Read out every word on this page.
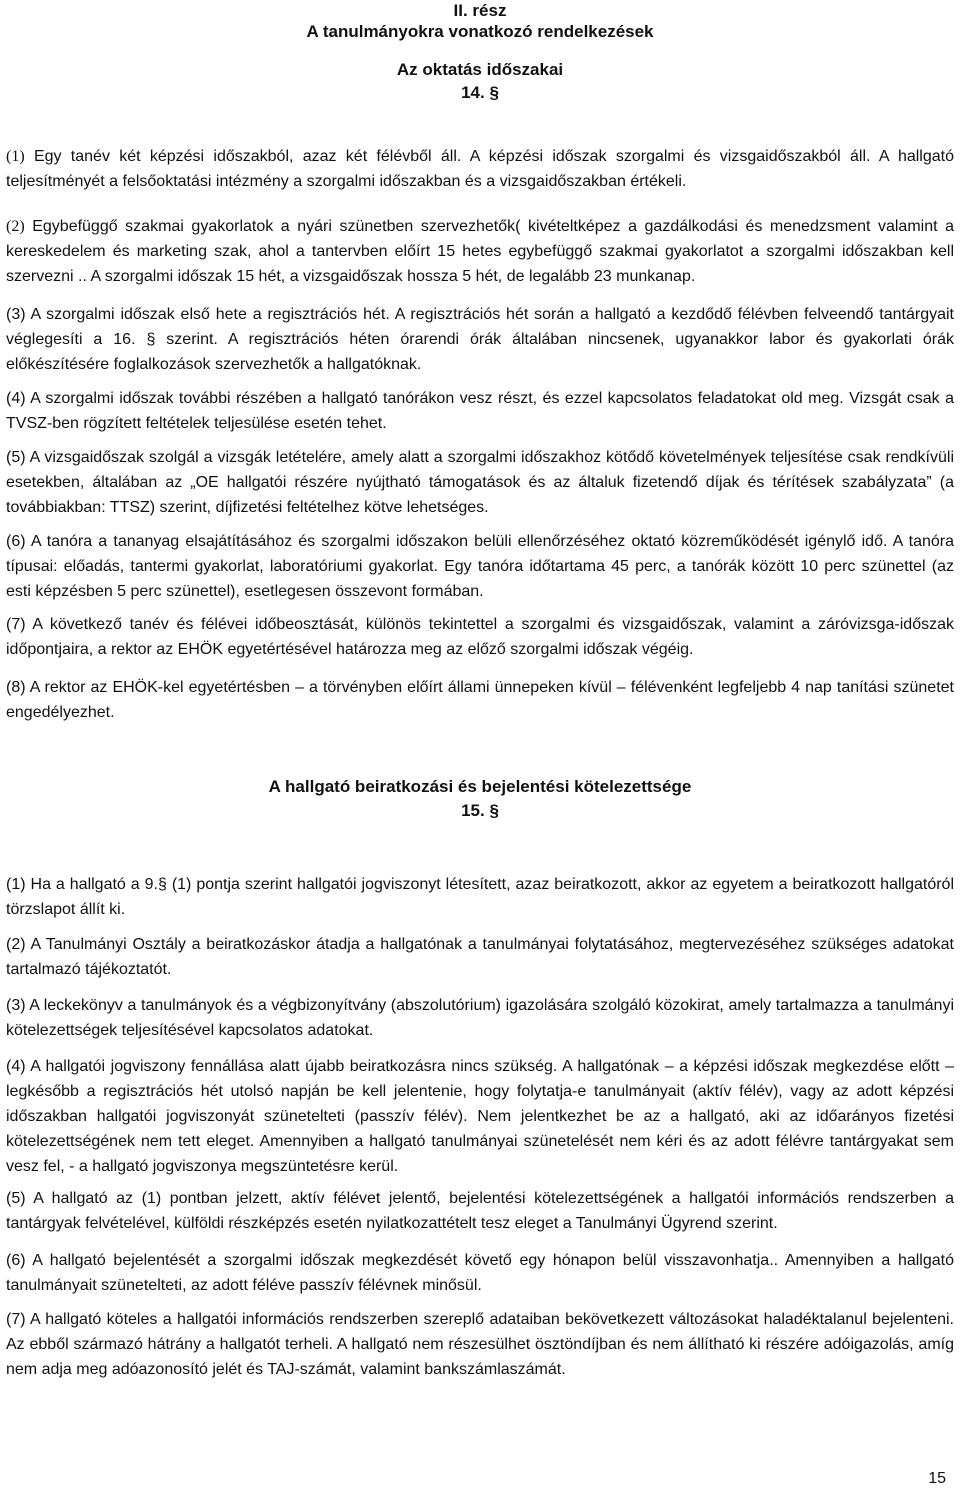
II. rész
A tanulmányokra vonatkozó rendelkezések
Az oktatás időszakai
14. §
(1) Egy tanév két képzési időszakból, azaz két félévből áll. A képzési időszak szorgalmi és vizsgaidőszakból áll. A hallgató teljesítményét a felsőoktatási intézmény a szorgalmi időszakban és a vizsgaidőszakban értékeli.
(2) Egybefüggő szakmai gyakorlatok a nyári szünetben szervezhetők( kivételtképez a gazdálkodási és menedzsment valamint a kereskedelem és marketing szak, ahol a tantervben előírt 15 hetes egybefüggő szakmai gyakorlatot a szorgalmi időszakban kell szervezni .. A szorgalmi időszak 15 hét, a vizsgaidőszak hossza 5 hét, de legalább 23 munkanap.
(3) A szorgalmi időszak első hete a regisztrációs hét. A regisztrációs hét során a hallgató a kezdődő félévben felveendő tantárgyait véglegesíti a 16. § szerint. A regisztrációs héten órarendi órák általában nincsenek, ugyanakkor labor és gyakorlati órák előkészítésére foglalkozások szervezhetők a hallgatóknak.
(4) A szorgalmi időszak további részében a hallgató tanórákon vesz részt, és ezzel kapcsolatos feladatokat old meg. Vizsgát csak a TVSZ-ben rögzített feltételek teljesülése esetén tehet.
(5) A vizsgaidőszak szolgál a vizsgák letételére, amely alatt a szorgalmi időszakhoz kötődő követelmények teljesítése csak rendkívüli esetekben, általában az „OE hallgatói részére nyújtható támogatások és az általuk fizetendő díjak és térítések szabályzata” (a továbbiakban: TTSZ) szerint, díjfizetési feltételhez kötve lehetséges.
(6) A tanóra a tananyag elsajátításához és szorgalmi időszakon belüli ellenőrzéséhez oktató közreműködését igénylő idő. A tanóra típusai: előadás, tantermi gyakorlat, laboratóriumi gyakorlat. Egy tanóra időtartama 45 perc, a tanórák között 10 perc szünettel (az esti képzésben 5 perc szünettel), esetlegesen összevont formában.
(7) A következő tanév és félévei időbeosztását, különös tekintettel a szorgalmi és vizsgaidőszak, valamint a záróvizsga-időszak időpontjaira, a rektor az EHÖK egyetértésével határozza meg az előző szorgalmi időszak végéig.
(8) A rektor az EHÖK-kel egyetértésben – a törvényben előírt állami ünnepeken kívül – félévenként legfeljebb 4 nap tanítási szünetet engedélyezhet.
A hallgató beiratkozási és bejelentési kötelezettsége
15. §
(1) Ha a hallgató a 9.§ (1) pontja szerint hallgatói jogviszonyt létesített, azaz beiratkozott, akkor az egyetem a beiratkozott hallgatóról törzslapot állít ki.
(2) A Tanulmányi Osztály a beiratkozáskor átadja a hallgatónak a tanulmányai folytatásához, megtervezéséhez szükséges adatokat tartalmazó tájékoztatót.
(3) A leckekönyv a tanulmányok és a végbizonyítvány (abszolutórium) igazolására szolgáló közokirat, amely tartalmazza a tanulmányi kötelezettségek teljesítésével kapcsolatos adatokat.
(4) A hallgatói jogviszony fennállása alatt újabb beiratkozásra nincs szükség. A hallgatónak – a képzési időszak megkezdése előtt – legkésőbb a regisztrációs hét utolsó napján be kell jelentenie, hogy folytatja-e tanulmányait (aktív félév), vagy az adott képzési időszakban hallgatói jogviszonyát szünetelteti (passzív félév). Nem jelentkezhet be az a hallgató, aki az időarányos fizetési kötelezettségének nem tett eleget. Amennyiben a hallgató tanulmányai szünetelését nem kéri és az adott félévre tantárgyakat sem vesz fel, - a hallgató jogviszonya megszüntetésre kerül.
(5) A hallgató az (1) pontban jelzett, aktív félévet jelentő, bejelentési kötelezettségének a hallgatói információs rendszerben a tantárgyak felvételével, külföldi részképzés esetén nyilatkozattételt tesz eleget a Tanulmányi Ügyrend szerint.
(6) A hallgató bejelentését a szorgalmi időszak megkezdését követő egy hónapon belül visszavonhatja.. Amennyiben a hallgató tanulmányait szünetelteti, az adott féléve passzív félévnek minősül.
(7) A hallgató köteles a hallgatói információs rendszerben szereplő adataiban bekövetkezett változásokat haladéktalanul bejelenteni. Az ebből származó hátrány a hallgatót terheli. A hallgató nem részesülhet ösztöndíjban és nem állítható ki részére adóigazolás, amíg nem adja meg adóazonosító jelét és TAJ-számát, valamint bankszámlaszámát.
15
